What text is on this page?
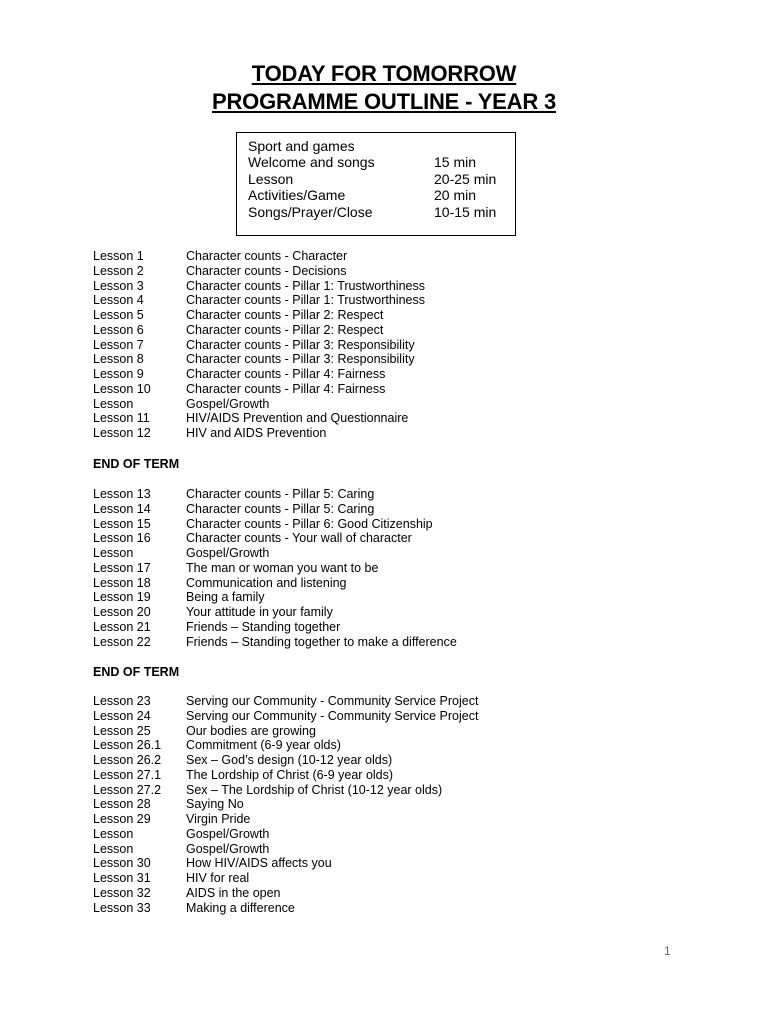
TODAY FOR TOMORROW
PROGRAMME OUTLINE - YEAR 3
Sport and games
Welcome and songs	15 min
Lesson	20-25 min
Activities/Game	20 min
Songs/Prayer/Close	10-15 min
Lesson 1	Character counts - Character
Lesson 2	Character counts - Decisions
Lesson 3	Character counts - Pillar 1: Trustworthiness
Lesson 4	Character counts - Pillar 1: Trustworthiness
Lesson 5	Character counts - Pillar 2: Respect
Lesson 6	Character counts - Pillar 2: Respect
Lesson 7	Character counts - Pillar 3: Responsibility
Lesson 8	Character counts - Pillar 3: Responsibility
Lesson 9	Character counts - Pillar 4: Fairness
Lesson 10	Character counts - Pillar 4: Fairness
Lesson	Gospel/Growth
Lesson 11	HIV/AIDS Prevention and Questionnaire
Lesson 12	HIV and AIDS Prevention
END OF TERM
Lesson 13	Character counts - Pillar 5: Caring
Lesson 14	Character counts - Pillar 5: Caring
Lesson 15	Character counts - Pillar 6: Good Citizenship
Lesson 16	Character counts - Your wall of character
Lesson	Gospel/Growth
Lesson 17	The man or woman you want to be
Lesson 18	Communication and listening
Lesson 19	Being a family
Lesson 20	Your attitude in your family
Lesson 21	Friends – Standing together
Lesson 22	Friends – Standing together to make a difference
END OF TERM
Lesson 23	Serving our Community - Community Service Project
Lesson 24	Serving our Community - Community Service Project
Lesson 25	Our bodies are growing
Lesson 26.1	Commitment (6-9 year olds)
Lesson 26.2	Sex – God’s design (10-12 year olds)
Lesson 27.1	The Lordship of Christ (6-9 year olds)
Lesson 27.2	Sex – The Lordship of Christ (10-12 year olds)
Lesson 28	Saying No
Lesson 29	Virgin Pride
Lesson	Gospel/Growth
Lesson	Gospel/Growth
Lesson 30	How HIV/AIDS affects you
Lesson 31	HIV for real
Lesson 32	AIDS in the open
Lesson 33	Making a difference
1
